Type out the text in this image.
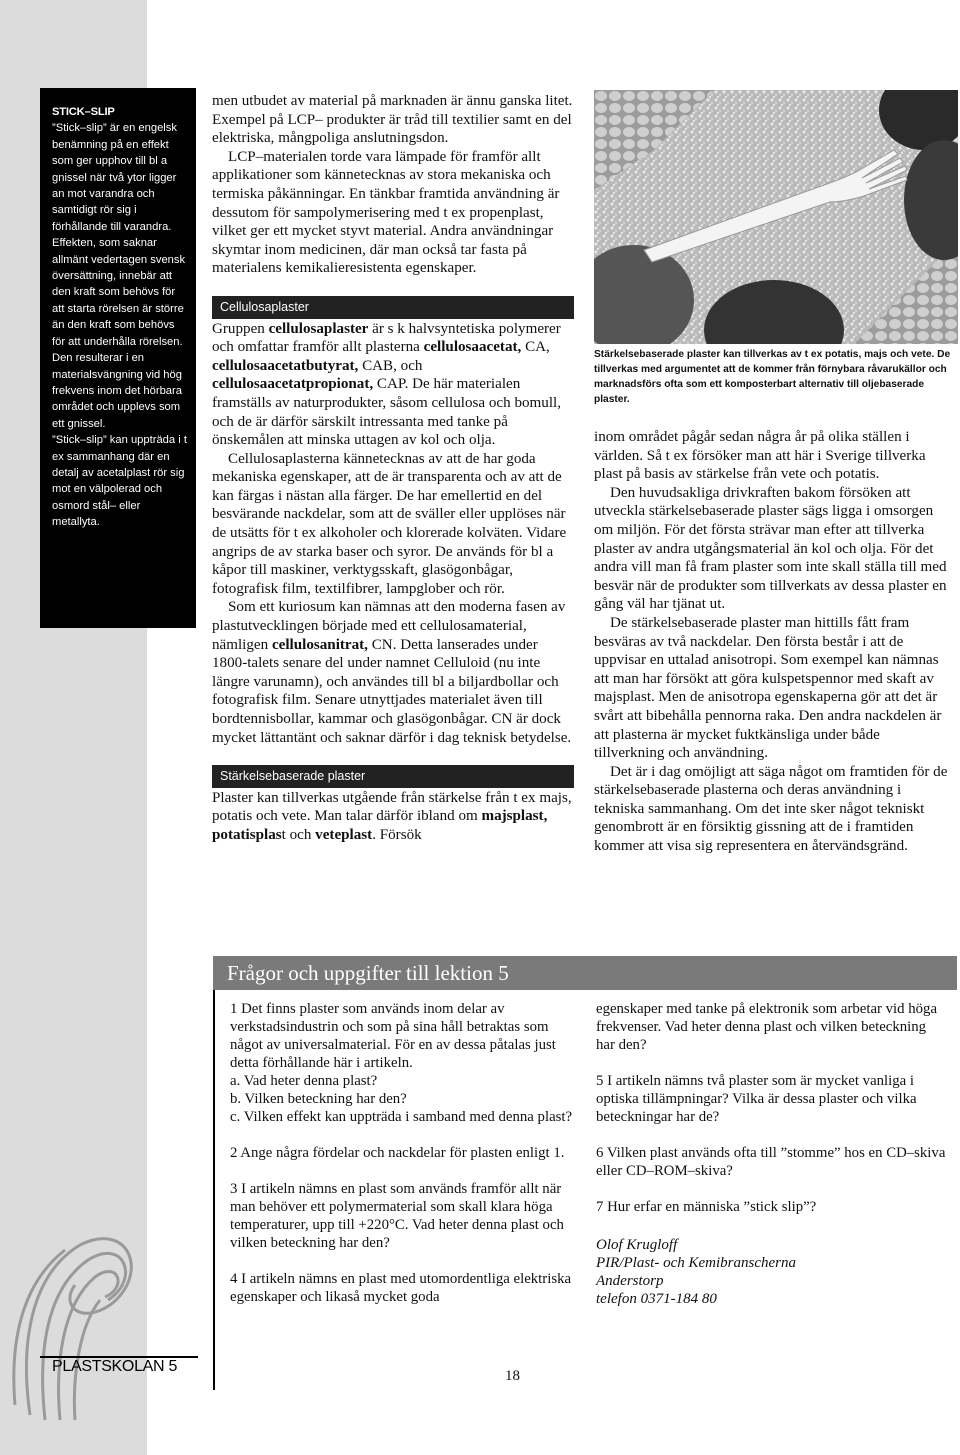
STICK–SLIP

”Stick–slip” är en engelsk benämning på en effekt som ger upphov till bl a gnissel när två ytor ligger an mot varandra och samtidigt rör sig i förhållande till varandra. Effekten, som saknar allmänt vedertagen svensk översättning, innebär att den kraft som behövs för att starta rörelsen är större än den kraft som behövs för att underhålla rörelsen. Den resulterar i en materialsvängning vid hög frekvens inom det hörbara området och upplevs som ett gnissel.

”Stick–slip” kan uppträda i t ex sammanhang där en detalj av acetalplast rör sig mot en välpolerad och osmord stål– eller metallyta.

PLASTSKOLAN 5

men utbudet av material på marknaden är ännu ganska litet. Exempel på LCP– produkter är tråd till textilier samt en del elektriska, mångpoliga anslutningsdon.

LCP–materialen torde vara lämpade för framför allt applikationer som kännetecknas av stora mekaniska och termiska påkänningar. En tänkbar framtida användning är dessutom för sampolymerisering med t ex propenplast, vilket ger ett mycket styvt material. Andra användningar skymtar inom medicinen, där man också tar fasta på materialens kemikalieresistenta egenskaper.

Cellulosaplaster

Gruppen cellulosaplaster är s k halvsyntetiska polymerer och omfattar framför allt plasterna cellulosaacetat, CA, cellulosaacetatbutyrat, CAB, och cellulosaacetatpropionat, CAP. De här materialen framställs av naturprodukter, såsom cellulosa och bomull, och de är därför särskilt intressanta med tanke på önskemålen att minska uttagen av kol och olja.

Cellulosaplasterna kännetecknas av att de har goda mekaniska egenskaper, att de är transparenta och av att de kan färgas i nästan alla färger. De har emellertid en del besvärande nackdelar, som att de sväller eller upplöses när de utsätts för t ex alkoholer och klorerade kolväten. Vidare angrips de av starka baser och syror. De används för bl a kåpor till maskiner, verktygsskaft, glasögonbågar, fotografisk film, textilfibrer, lampglober och rör.

Som ett kuriosum kan nämnas att den moderna fasen av plastutvecklingen började med ett cellulosamaterial, nämligen cellulosanitrat, CN. Detta lanserades under 1800-talets senare del under namnet Celluloid (nu inte längre varunamn), och användes till bl a biljardbollar och fotografisk film. Senare utnyttjades materialet även till bordtennisbollar, kammar och glasögonbågar. CN är dock mycket lättantänt och saknar därför i dag teknisk betydelse.

Stärkelsebaserade plaster

Plaster kan tillverkas utgående från stärkelse från t ex majs, potatis och vete. Man talar därför ibland om majsplast, potatisplast och veteplast. Försök

Stärkelsebaserade plaster kan tillverkas av t ex potatis, majs och vete. De tillverkas med argumentet att de kommer från förnybara råvarukällor och marknadsförs ofta som ett komposterbart alternativ till oljebaserade plaster.

inom området pågår sedan några år på olika ställen i världen. Så t ex försöker man att här i Sverige tillverka plast på basis av stärkelse från vete och potatis.

Den huvudsakliga drivkraften bakom försöken att utveckla stärkelsebaserade plaster sägs ligga i omsorgen om miljön. För det första strävar man efter att tillverka plaster av andra utgångsmaterial än kol och olja. För det andra vill man få fram plaster som inte skall ställa till med besvär när de produkter som tillverkats av dessa plaster en gång väl har tjänat ut.

De stärkelsebaserade plaster man hittills fått fram besväras av två nackdelar. Den första består i att de uppvisar en uttalad anisotropi. Som exempel kan nämnas att man har försökt att göra kulspetspennor med skaft av majsplast. Men de anisotropa egenskaperna gör att det är svårt att bibehålla pennorna raka. Den andra nackdelen är att plasterna är mycket fuktkänsliga under både tillverkning och användning.

Det är i dag omöjligt att säga något om framtiden för de stärkelsebaserade plasterna och deras användning i tekniska sammanhang. Om det inte sker något tekniskt genombrott är en försiktig gissning att de i framtiden kommer att visa sig representera en återvändsgränd.

Frågor och uppgifter till lektion 5

1 Det finns plaster som används inom delar av verkstadsindustrin och som på sina håll betraktas som något av universalmaterial. För en av dessa påtalas just detta förhållande här i artikeln.

a. Vad heter denna plast?
b. Vilken beteckning har den?

c. Vilken effekt kan uppträda i samband med denna plast?

2 Ange några fördelar och nackdelar för plasten enligt 1.

3 I artikeln nämns en plast som används framför allt när man behöver ett polymermaterial som skall klara höga temperaturer, upp till +220°C. Vad heter denna plast och vilken beteckning har den?

4 I artikeln nämns en plast med utomordentliga elektriska egenskaper och likaså mycket goda

egenskaper med tanke på elektronik som arbetar vid höga frekvenser. Vad heter denna plast och vilken beteckning har den?

5 I artikeln nämns två plaster som är mycket vanliga i optiska tillämpningar? Vilka är dessa plaster och vilka beteckningar har de?

6 Vilken plast används ofta till ”stomme” hos en CD–skiva eller CD–ROM–skiva?

7 Hur erfar en människa ”stick slip”?

Olof Krugloff
PIR/Plast- och Kemibranscherna
Anderstorp
telefon 0371-184 80
18
